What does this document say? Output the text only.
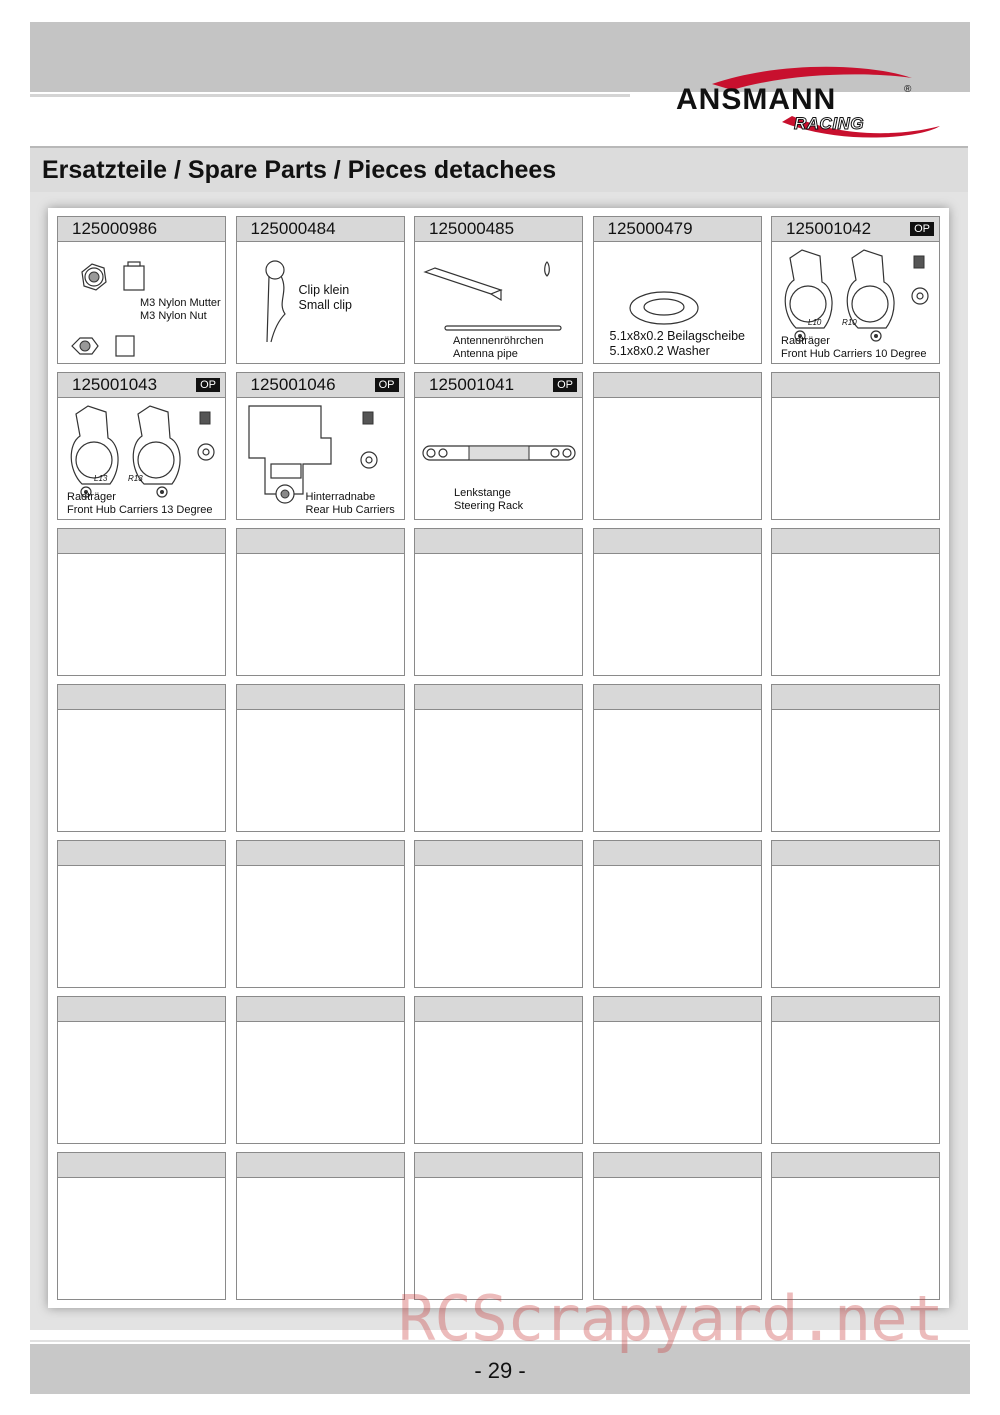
ANSMANN	®
RACING
Ersatzteile / Spare Parts / Pieces detachees
125000986
M3 Nylon Mutter
M3 Nylon Nut
125000484
Clip klein
Small clip
125000485
Antennenröhrchen
Antenna pipe
125000479
5.1x8x0.2 Beilagscheibe
5.1x8x0.2 Washer
125001042	OP
L10	R10
Radträger
Front Hub Carriers 10 Degree
125001043	OP
L13	R13
Radträger
Front Hub Carriers 13 Degree
125001046	OP
Hinterradnabe
Rear Hub Carriers
125001041	OP
Lenkstange
Steering Rack
- 29 -
RCScrapyard.net
